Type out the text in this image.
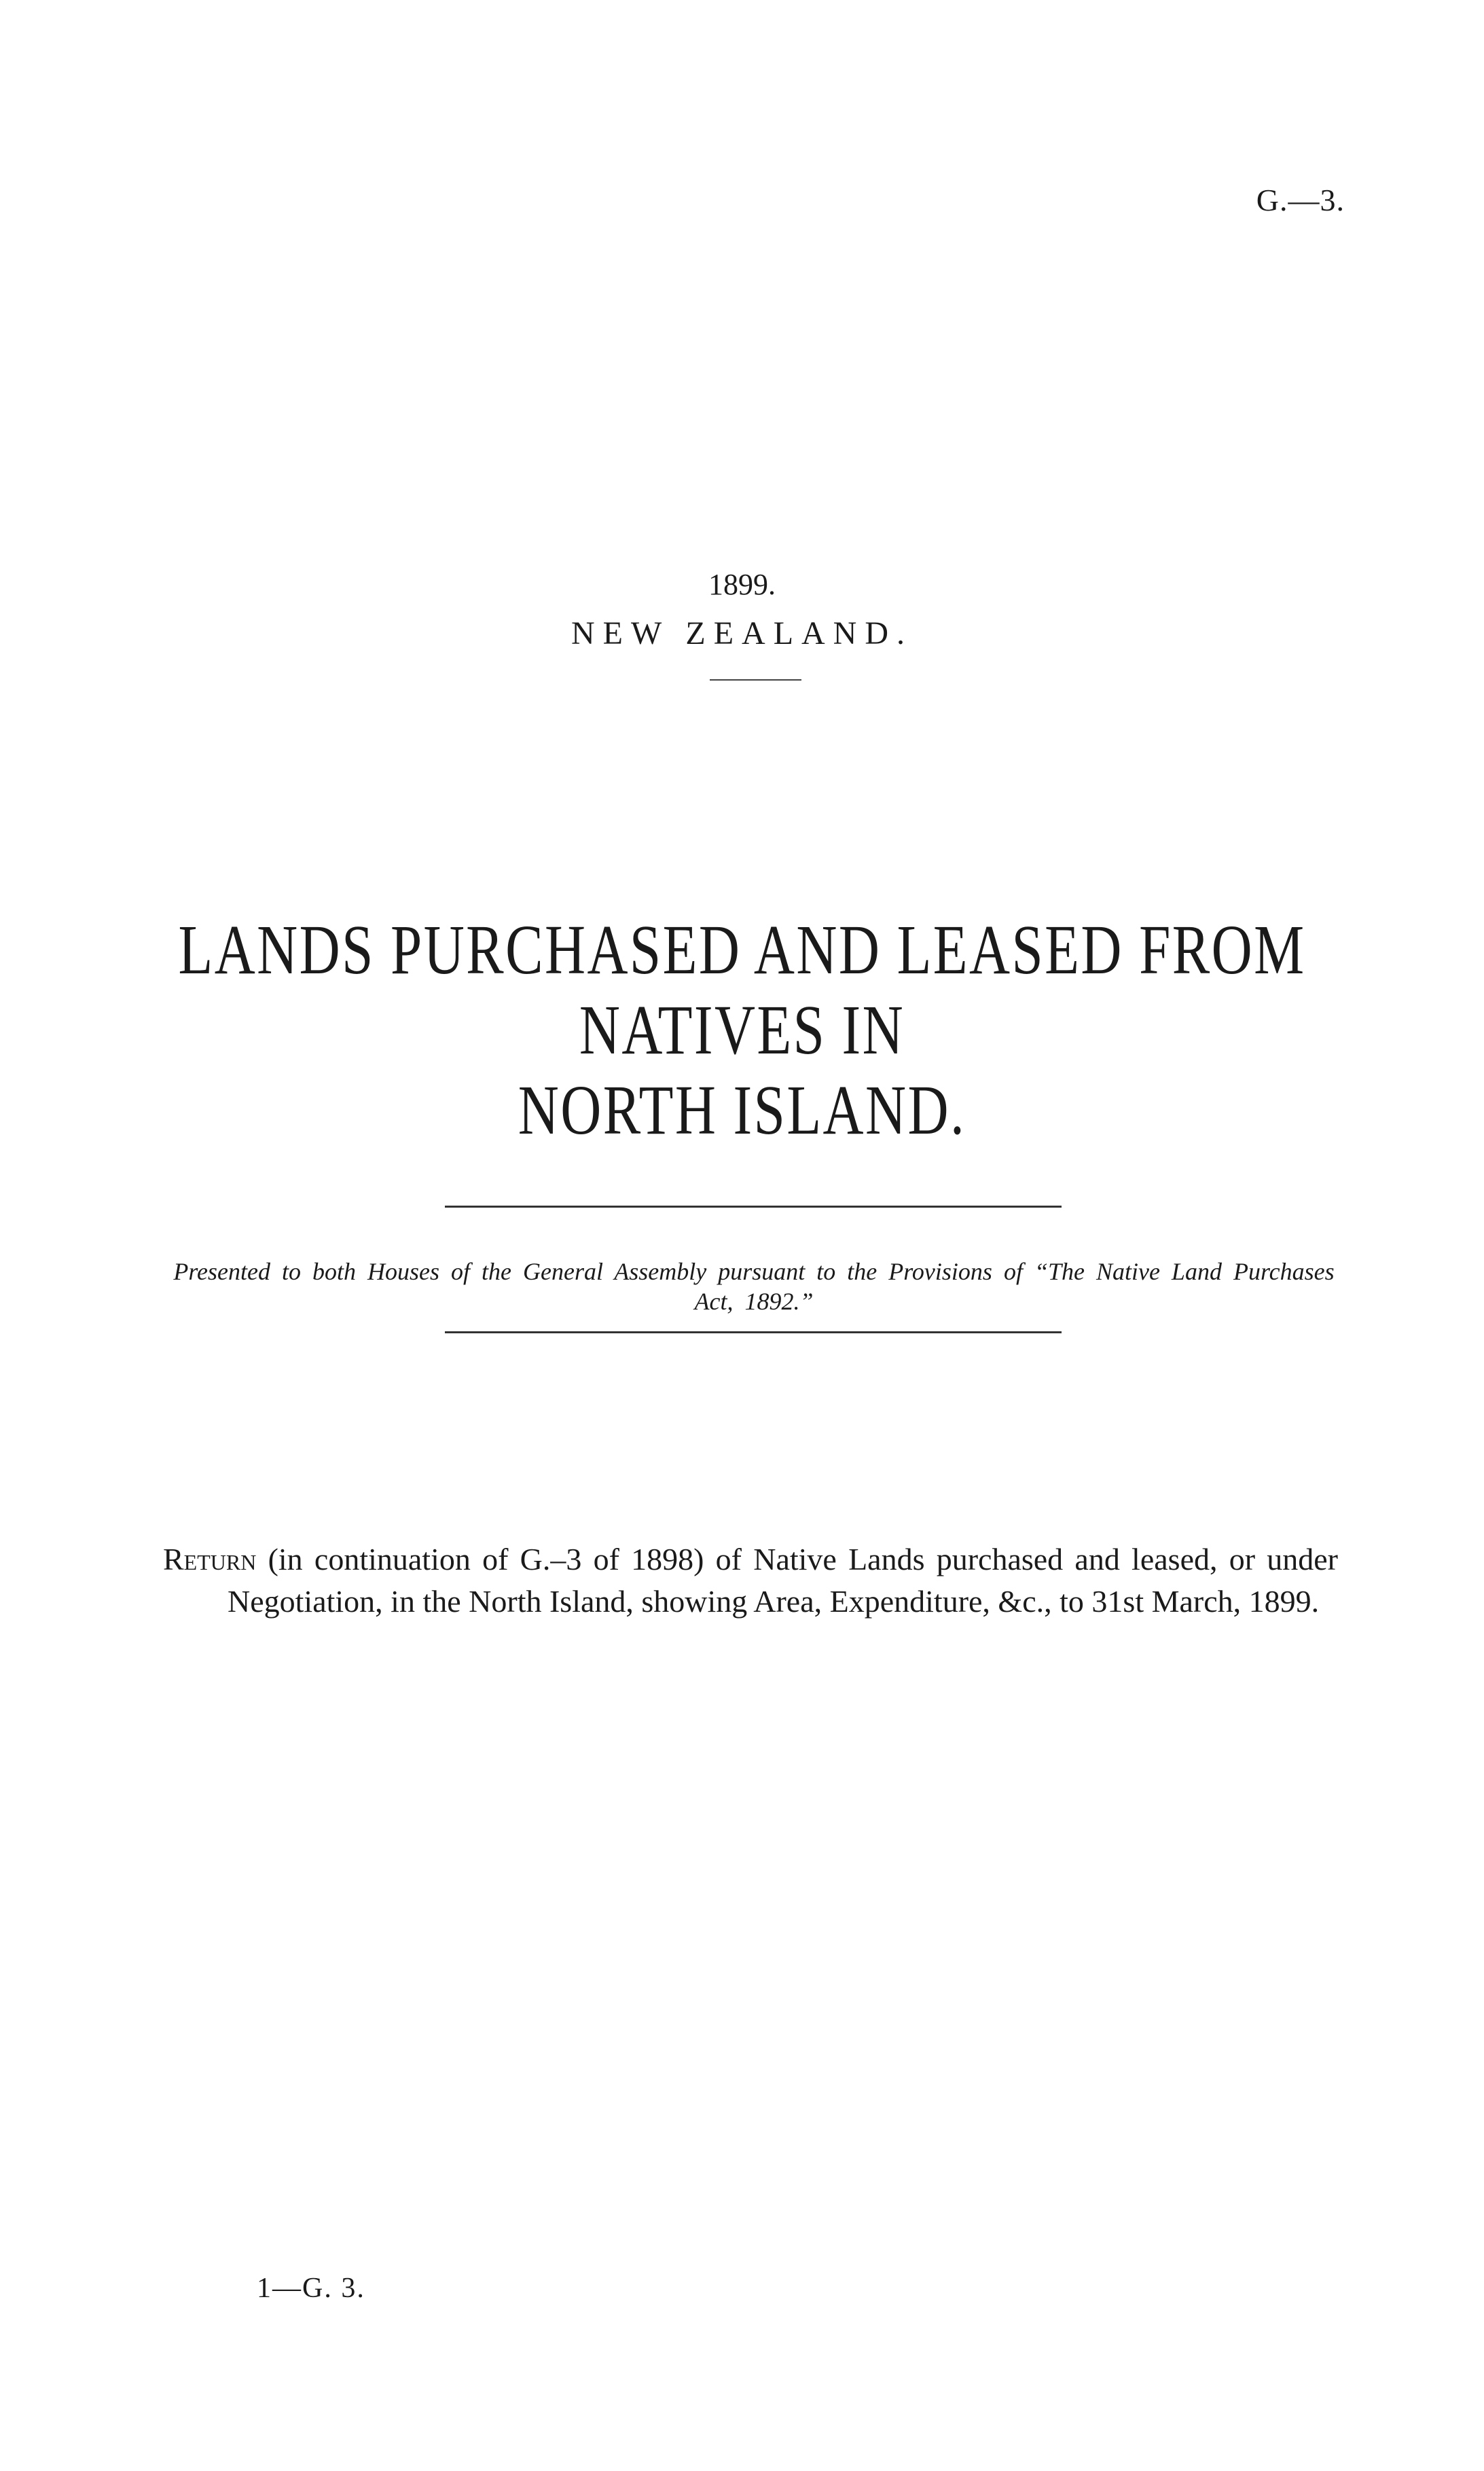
G.—3.
1899.
NEW ZEALAND.
LANDS PURCHASED AND LEASED FROM NATIVES IN
NORTH ISLAND.
Presented to both Houses of the General Assembly pursuant to the Provisions of “The Native Land Purchases Act, 1892.”
Return (in continuation of G.–3 of 1898) of Native Lands purchased and leased, or under Negotiation, in the North Island, showing Area, Expenditure, &c., to 31st March, 1899.
1—G. 3.
